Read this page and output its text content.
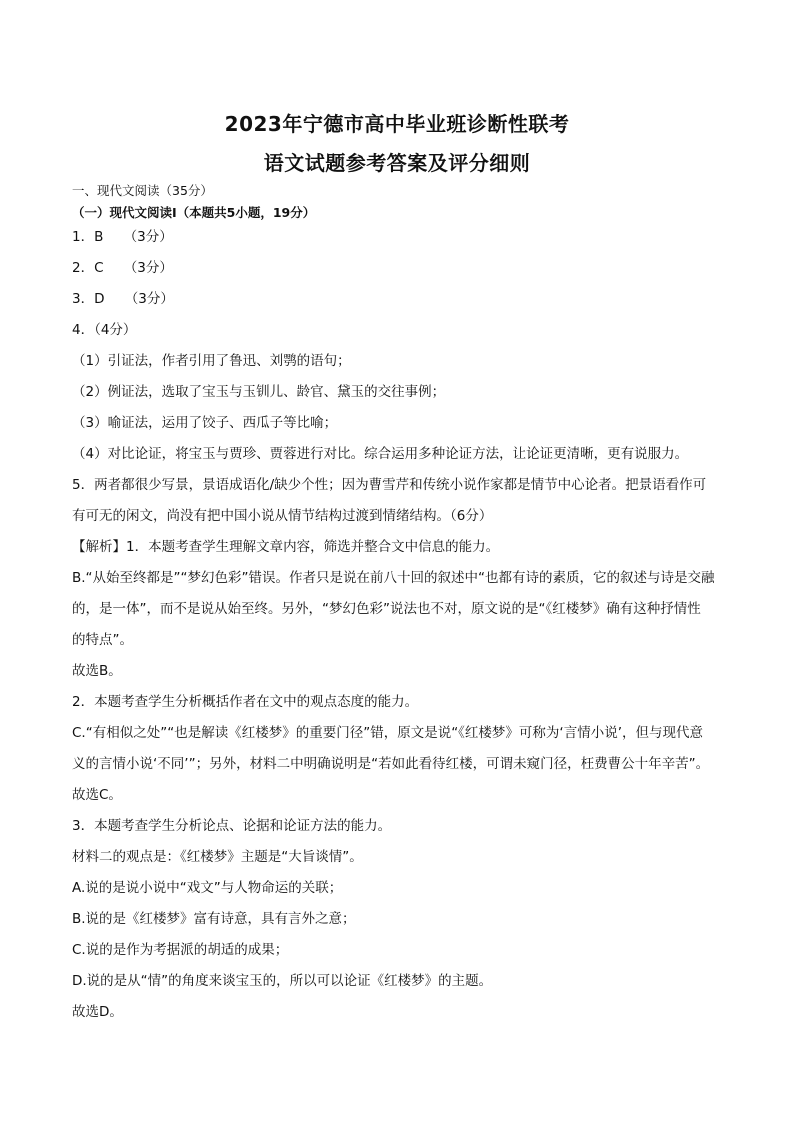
2023年宁德市高中毕业班诊断性联考
语文试题参考答案及评分细则
一、现代文阅读（35分）
（一）现代文阅读Ⅰ（本题共5小题，19分）
1．B　　（3分）
2．C　　（3分）
3．D　　（3分）
4．（4分）
（1）引证法，作者引用了鲁迅、刘鹗的语句；
（2）例证法，选取了宝玉与玉钏儿、龄官、黛玉的交往事例；
（3）喻证法，运用了饺子、西瓜子等比喻；
（4）对比论证，将宝玉与贾珍、贾蓉进行对比。综合运用多种论证方法，让论证更清晰，更有说服力。
5．两者都很少写景，景语成语化/缺少个性；因为曹雪芹和传统小说作家都是情节中心论者。把景语看作可
有可无的闲文，尚没有把中国小说从情节结构过渡到情绪结构。（6分）
【解析】1．本题考查学生理解文章内容，筛选并整合文中信息的能力。
B.“从始至终都是”“梦幻色彩”错误。作者只是说在前八十回的叙述中“也都有诗的素质，它的叙述与诗是交融
的，是一体”，而不是说从始至终。另外，“梦幻色彩”说法也不对，原文说的是“《红楼梦》确有这种抒情性
的特点”。
故选B。
2．本题考查学生分析概括作者在文中的观点态度的能力。
C.“有相似之处”“也是解读《红楼梦》的重要门径”错，原文是说“《红楼梦》可称为‘言情小说’，但与现代意
义的言情小说‘不同’”；另外，材料二中明确说明是“若如此看待红楼，可谓未窥门径，枉费曹公十年辛苦”。
故选C。
3．本题考查学生分析论点、论据和论证方法的能力。
材料二的观点是：《红楼梦》主题是“大旨谈情”。
A.说的是说小说中“戏文”与人物命运的关联；
B.说的是《红楼梦》富有诗意，具有言外之意；
C.说的是作为考据派的胡适的成果；
D.说的是从“情”的角度来谈宝玉的，所以可以论证《红楼梦》的主题。
故选D。
